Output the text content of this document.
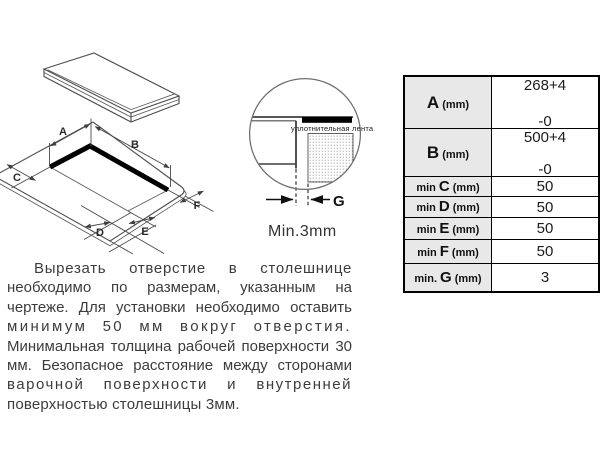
A
B
C
D	E
F
уплотнительная лента
G
Min.3mm
A (mm)	268+4
-0

B (mm)	500+4
-0

min C (mm)	50

min D (mm)	50

min E (mm)	50

min F (mm)	50

min. G (mm)	3
Вырезать отверстие в столешнице
необходимо по размерам, указанным на
чертеже. Для установки необходимо оставить
минимум 50 мм вокруг отверстия.
Минимальная толщина рабочей поверхности 30
мм. Безопасное расстояние между сторонами
варочной поверхности и внутренней
поверхностью столешницы 3мм.
